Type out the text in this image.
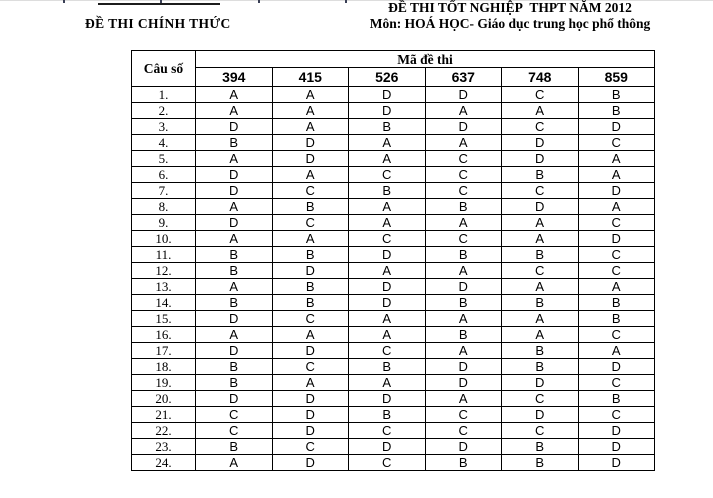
ĐỀ THI CHÍNH THỨC
ĐỀ THI TỐT NGHIỆP  THPT NĂM 2012
Môn: HOÁ HỌC- Giáo dục trung học phổ thông
Câu số	Mã đề thi					
	394	415	526	637	748	859
1.	A	A	D	D	C	B
2.	A	A	D	A	A	B
3.	D	A	B	D	C	D
4.	B	D	A	A	D	C
5.	A	D	A	C	D	A
6.	D	A	C	C	B	A
7.	D	C	B	C	C	D
8.	A	B	A	B	D	A
9.	D	C	A	A	A	C
10.	A	A	C	C	A	D
11.	B	B	D	B	B	C
12.	B	D	A	A	C	C
13.	A	B	D	D	A	A
14.	B	B	D	B	B	B
15.	D	C	A	A	A	B
16.	A	A	A	B	A	C
17.	D	D	C	A	B	A
18.	B	C	B	D	B	D
19.	B	A	A	D	D	C
20.	D	D	D	A	C	B
21.	C	D	B	C	D	C
22.	C	D	C	C	C	D
23.	B	C	D	D	B	D
24.	A	D	C	B	B	D
